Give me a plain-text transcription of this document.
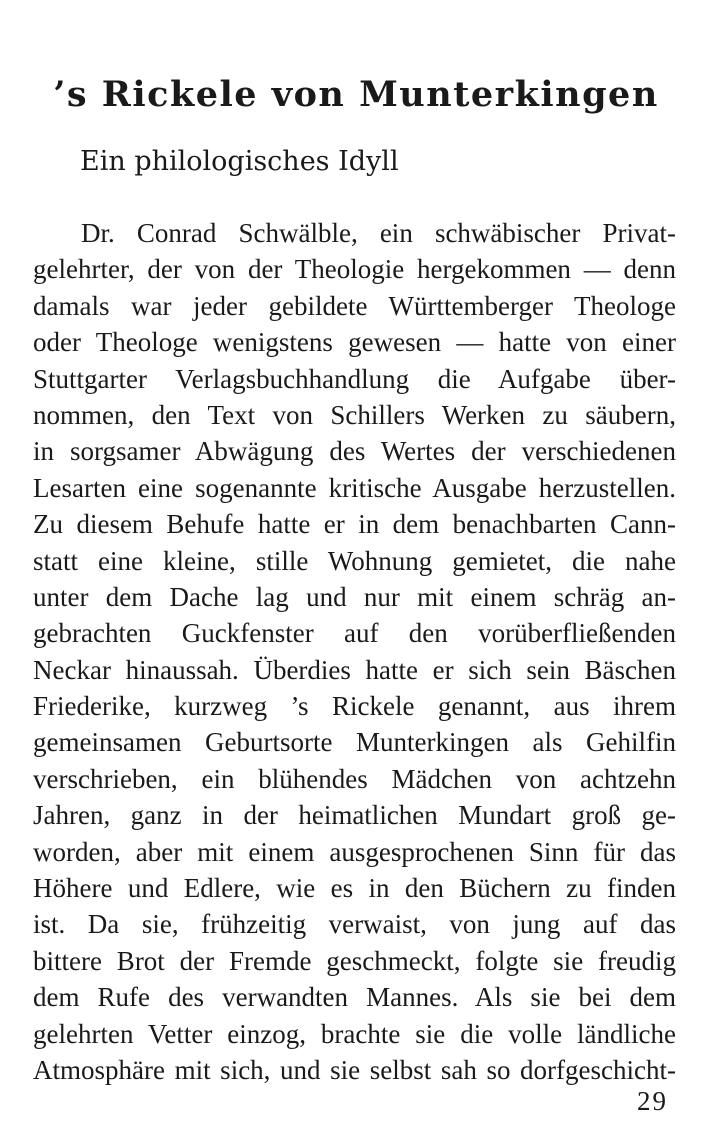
’s Rickele von Munterkingen
Ein philologisches Idyll
Dr. Conrad Schwälble, ein schwäbischer Privat-
gelehrter, der von der Theologie hergekommen — denn
damals war jeder gebildete Württemberger Theologe
oder Theologe wenigstens gewesen — hatte von einer
Stuttgarter Verlagsbuchhandlung die Aufgabe über-
nommen, den Text von Schillers Werken zu säubern,
in sorgsamer Abwägung des Wertes der verschiedenen
Lesarten eine sogenannte kritische Ausgabe herzustellen.
Zu diesem Behufe hatte er in dem benachbarten Cann-
statt eine kleine, stille Wohnung gemietet, die nahe
unter dem Dache lag und nur mit einem schräg an-
gebrachten Guckfenster auf den vorüberfließenden
Neckar hinaussah. Überdies hatte er sich sein Bäschen
Friederike, kurzweg ’s Rickele genannt, aus ihrem
gemeinsamen Geburtsorte Munterkingen als Gehilfin
verschrieben, ein blühendes Mädchen von achtzehn
Jahren, ganz in der heimatlichen Mundart groß ge-
worden, aber mit einem ausgesprochenen Sinn für das
Höhere und Edlere, wie es in den Büchern zu finden
ist. Da sie, frühzeitig verwaist, von jung auf das
bittere Brot der Fremde geschmeckt, folgte sie freudig
dem Rufe des verwandten Mannes. Als sie bei dem
gelehrten Vetter einzog, brachte sie die volle ländliche
Atmosphäre mit sich, und sie selbst sah so dorfgeschicht-
29
